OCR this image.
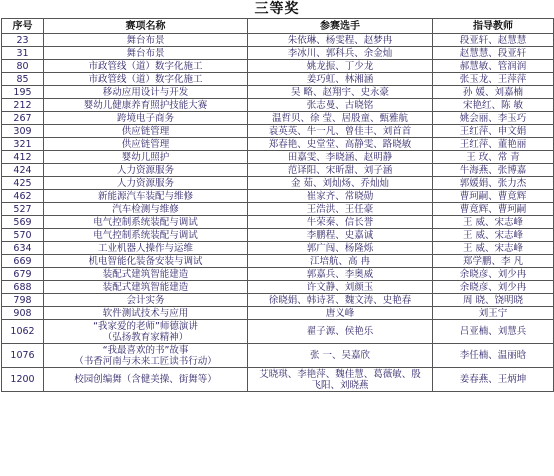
三等奖
序号	赛项名称	参赛选手	指导教师
23	舞台布景	朱依琳、杨雯程、赵梦冉	段亚轩、赵慧慧
31	舞台布景	李冰川、郭科兵、余金灿	赵慧慧、段亚轩
80	市政管线（道）数字化施工	姚龙振、丁少龙	郝慧敏、管润润
85	市政管线（道）数字化施工	姜巧虹、林湘涵	张玉龙、王萍萍
195	移动应用设计与开发	吴 略、赵翔宇、史永豪	孙 媛、刘嘉楠
212	婴幼儿健康养育照护技能大赛	张志曼、古晓铭	宋艳红、陈 敏
267	跨境电子商务	温哲贝、徐 莹、居殷童、甄雅航	姚会丽、李玉巧
309	供应链管理	袁英英、牛一凡、曾佳丰、刘首首	王红萍、申文娟
321	供应链管理	郑春艳、史堂堂、高静雯、路晓敏	王红萍、董艳丽
412	婴幼儿照护	田嘉雯、李晓涵、赵明静	王 玫、常 青
424	人力资源服务	范译阳、宋昕甜、刘子涵	牛海燕、张博嘉
425	人力资源服务	金 茹、刘灿炀、乔灿灿	郭媛娟、张力杰
462	新能源汽车装配与维修	崔家齐、常晓勋	曹珂嗣、曹竟辉
527	汽车检测与维修	王浩洪、王任豪	曹竟辉、曹珂嗣
569	电气控制系统装配与调试	牛荣秦、信长誉	王 威、宋志峰
570	电气控制系统装配与调试	李鹏程、史嘉诚	王 威、宋志峰
634	工业机器人操作与运维	郭广闯、杨隆烁	王 威、宋志峰
669	机电智能化装备安装与调试	江培航、高 冉	郑学鹏、李 凡
679	装配式建筑智能建造	郭嘉兵、李奥威	余晓彦、刘少冉
688	装配式建筑智能建造	许文静、刘颜玉	余晓彦、刘少冉
798	会计实务	徐晓娟、韩诗茗、魏文涛、史艳春	周 晓、饶明晓
908	软件测试技术与应用	唐义峰	刘王宁
1062	“我家爱的老师”师德演讲
（弘扬教育家精神）	翟子源、侯艳乐	吕亚楠、刘慧兵
1076	“我最喜欢的书”故事
（书香河南与未来工匠读书行动）	张 一、吴嘉欣	李任楠、温丽晗
1200	校园创编舞（含健美操、街舞等）	艾晓琪、李艳萍、魏佳慧、葛薇敏、殷
飞阳、刘晓燕	姜春燕、王炳坤
